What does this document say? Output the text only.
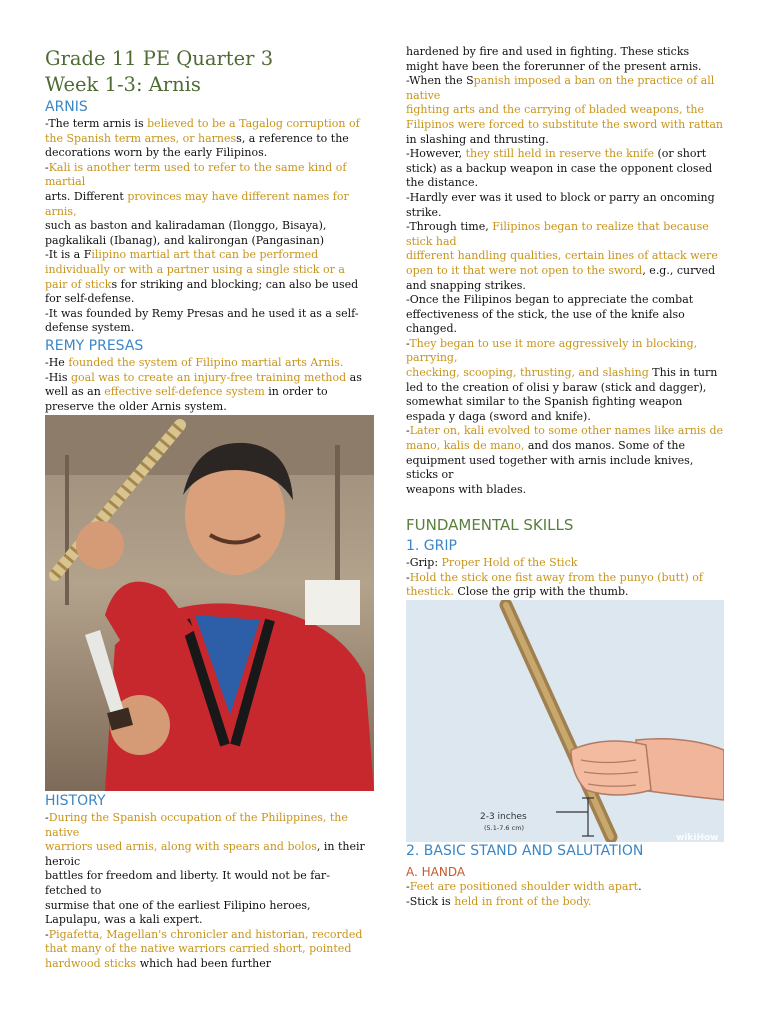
Grade 11 PE Quarter 3

Week 1-3: Arnis

ARNIS

-The term arnis is believed to be a Tagalog corruption of the Spanish term arnes, or harness, a reference to the decorations worn by the early Filipinos.

-Kali is another term used to refer to the same kind of martial
arts. Different provinces may have different names for arnis,
such as baston and kaliradaman (Ilonggo, Bisaya), pagkalikali (Ibanag), and kalirongan (Pangasinan)

-It is a Filipino martial art that can be performed individually or with a partner using a single stick or a pair of sticks for striking and blocking; can also be used for self-defense.

-It was founded by Remy Presas and he used it as a self-defense system.

REMY PRESAS

-He founded the system of Filipino martial arts Arnis.

-His goal was to create an injury-free training method as well as an effective self-defence system in order to preserve the older Arnis system.

HISTORY

-During the Spanish occupation of the Philippines, the native
warriors used arnis, along with spears and bolos, in their heroic
battles for freedom and liberty. It would not be far-fetched to
surmise that one of the earliest Filipino heroes, Lapulapu, was a kali expert.

-Pigafetta, Magellan's chronicler and historian, recorded that many of the native warriors carried short, pointed hardwood sticks which had been further

hardened by fire and used in fighting. These sticks might have been the forerunner of the present arnis.

-When the Spanish imposed a ban on the practice of all native
fighting arts and the carrying of bladed weapons, the Filipinos were forced to substitute the sword with rattan in slashing and thrusting.

-However, they still held in reserve the knife (or short stick) as a backup weapon in case the opponent closed the distance.

-Hardly ever was it used to block or parry an oncoming strike.

-Through time, Filipinos began to realize that because stick had
different handling qualities, certain lines of attack were open to it that were not open to the sword, e.g., curved and snapping strikes.

-Once the Filipinos began to appreciate the combat effectiveness of the stick, the use of the knife also changed.

-They began to use it more aggressively in blocking, parrying,
checking, scooping, thrusting, and slashing This in turn led to the creation of olisi y baraw (stick and dagger), somewhat similar to the Spanish fighting weapon espada y daga (sword and knife).

-Later on, kali evolved to some other names like arnis de
mano, kalis de mano, and dos manos. Some of the equipment used together with arnis include knives, sticks or
weapons with blades.

FUNDAMENTAL SKILLS

1. GRIP

-Grip: Proper Hold of the Stick

-Hold the stick one fist away from the punyo (butt) of thestick. Close the grip with the thumb.

2-3 inches
(5.1-7.6 cm)
wikiHow

2. BASIC STAND AND SALUTATION

A. HANDA

-Feet are positioned shoulder width apart.

-Stick is held in front of the body.
